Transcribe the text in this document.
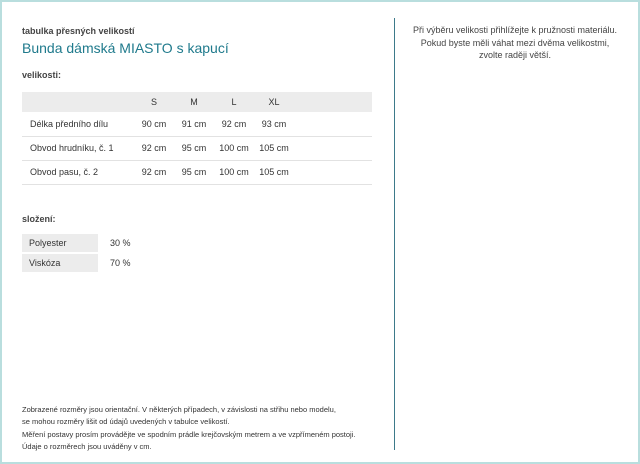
tabulka přesných velikostí
Bunda dámská MIASTO s kapucí
velikosti:
	S	M	L	XL	
Délka předního dílu	90 cm	91 cm	92 cm	93 cm	
Obvod hrudníku, č. 1	92 cm	95 cm	100 cm	105 cm	
Obvod pasu, č. 2	92 cm	95 cm	100 cm	105 cm	
složení:
Polyester	30 %
Viskóza	70 %
Zobrazené rozměry jsou orientační. V některých případech, v závislosti na střihu nebo modelu,
se mohou rozměry lišit od údajů uvedených v tabulce velikostí.
Měření postavy prosím provádějte ve spodním prádle krejčovským metrem a ve vzpřímeném postoji.
Údaje o rozměrech jsou uváděny v cm.
Při výběru velikosti přihlížejte k pružnosti materiálu.
Pokud byste měli váhat mezi dvěma velikostmi,
zvolte raději větší.
